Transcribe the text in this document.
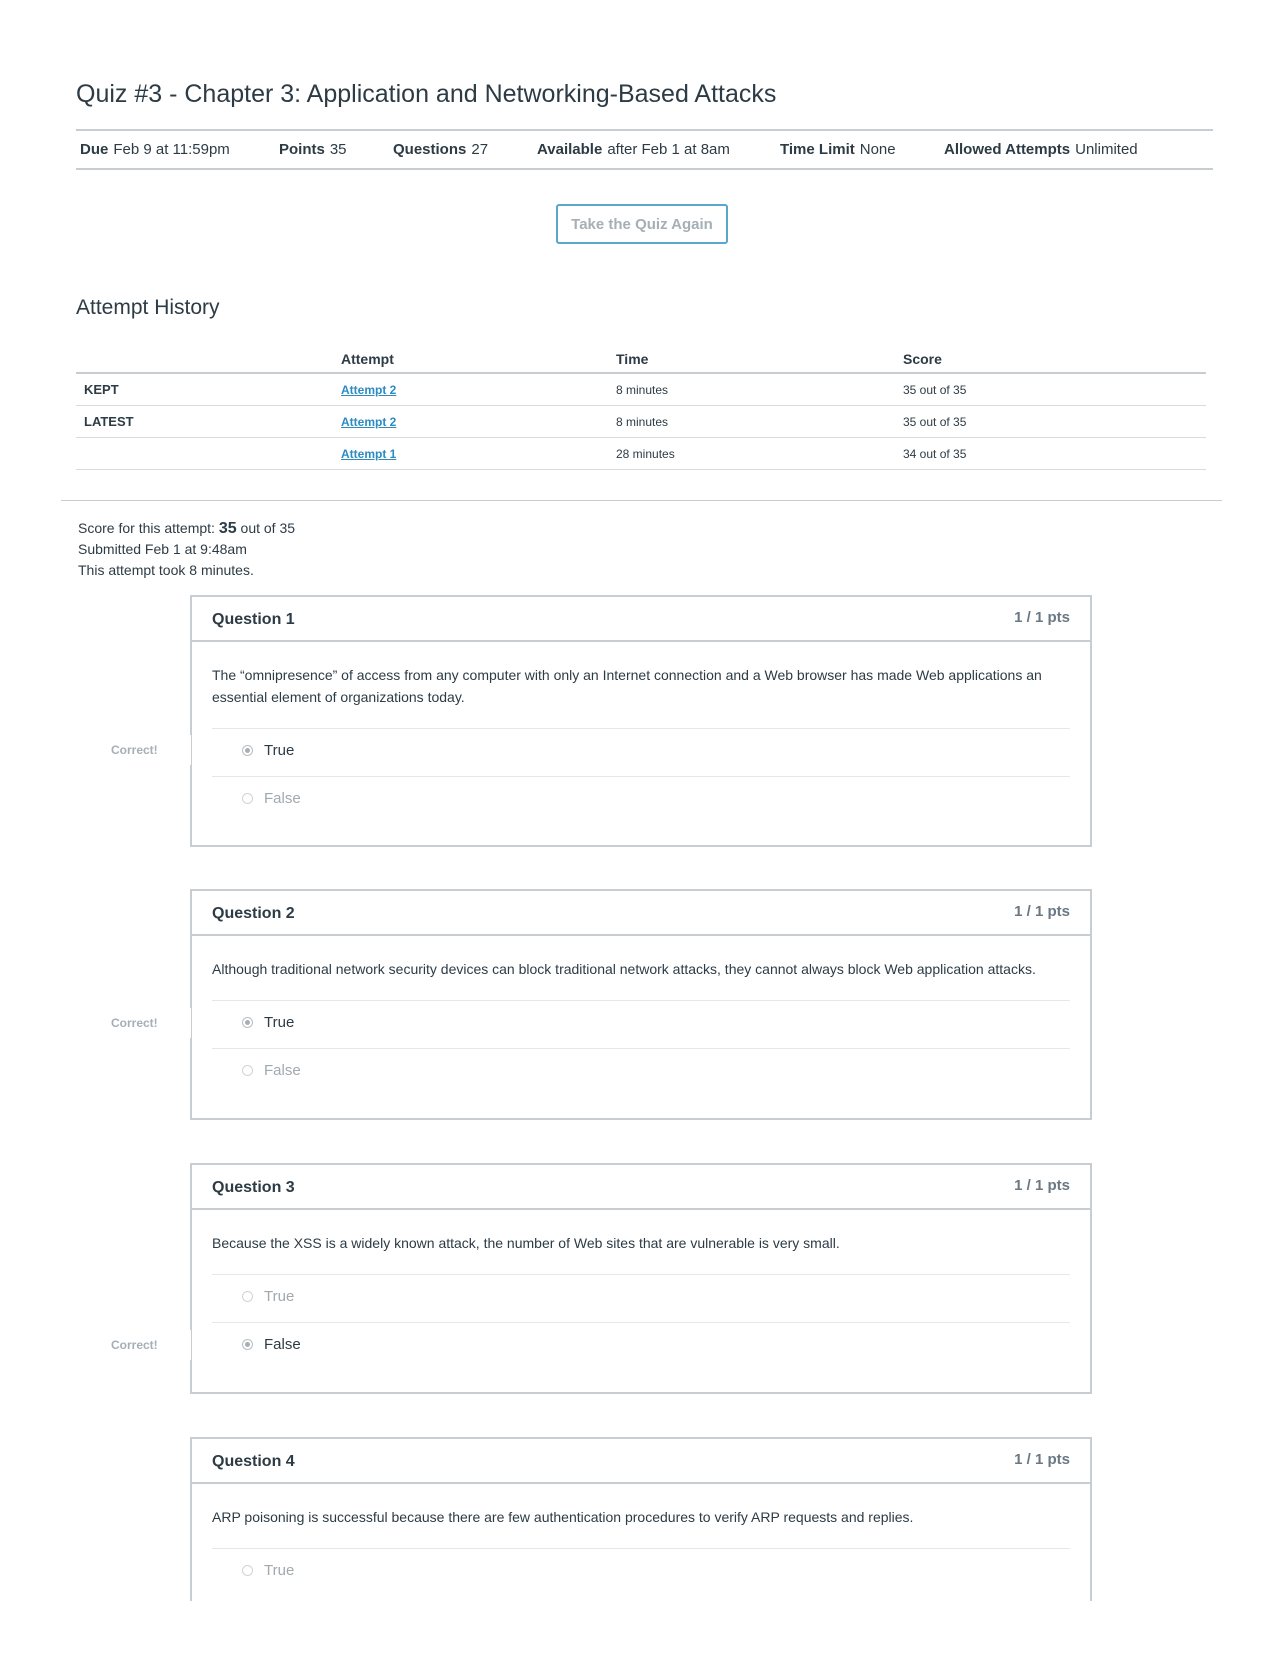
Quiz #3 - Chapter 3: Application and Networking-Based Attacks
Due Feb 9 at 11:59pm	Points 35	Questions 27	Available after Feb 1 at 8am	Time Limit None	Allowed Attempts Unlimited
Take the Quiz Again
Attempt History
	Attempt	Time	Score
KEPT	Attempt 2	8 minutes	35 out of 35
LATEST	Attempt 2	8 minutes	35 out of 35
	Attempt 1	28 minutes	34 out of 35
Score for this attempt: 35 out of 35
Submitted Feb 1 at 9:48am
This attempt took 8 minutes.
Question 1	1 / 1 pts
The “omnipresence” of access from any computer with only an Internet connection and a Web browser has made Web applications an essential element of organizations today.
True
False
Correct!
Question 2	1 / 1 pts
Although traditional network security devices can block traditional network attacks, they cannot always block Web application attacks.
True
False
Correct!
Question 3	1 / 1 pts
Because the XSS is a widely known attack, the number of Web sites that are vulnerable is very small.
True
False
Correct!
Question 4	1 / 1 pts
ARP poisoning is successful because there are few authentication procedures to verify ARP requests and replies.
True
